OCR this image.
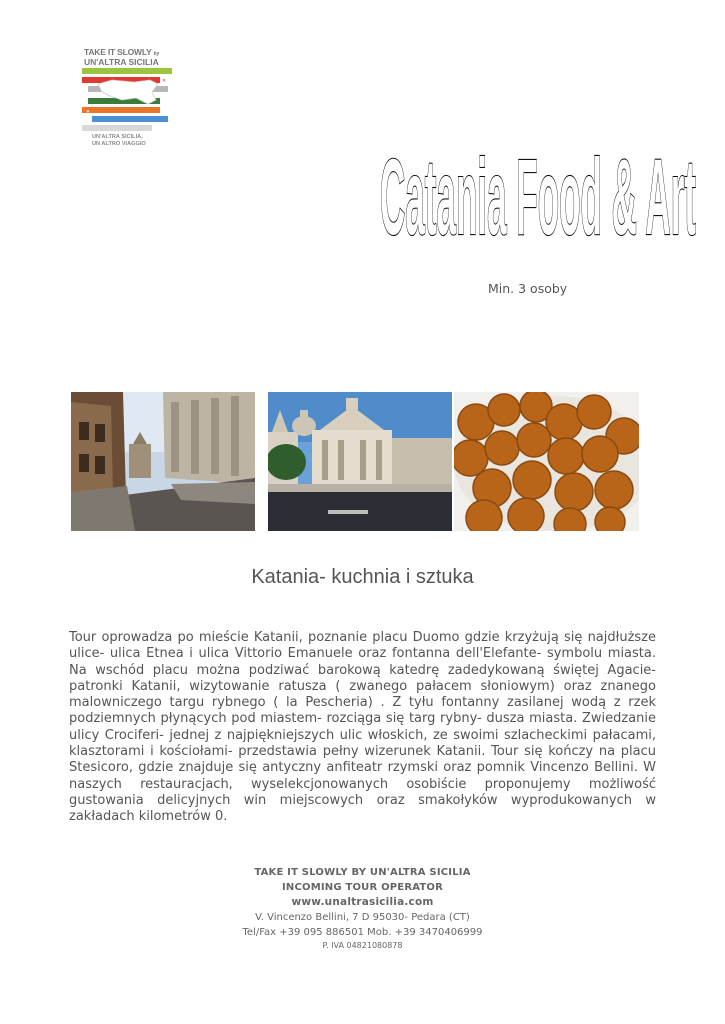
TAKE IT SLOWLY by
UN'ALTRA SICILIA
«
✕
UN'ALTRA SICILIA,
UN ALTRO VIAGGIO Catania Food & Art
Min. 3 osoby
Katania- kuchnia i sztuka

Tour oprowadza po mieście Katanii, poznanie placu Duomo gdzie krzyżują się najdłuższe ulice- ulica Etnea i ulica Vittorio Emanuele oraz fontanna dell'Elefante- symbolu miasta. Na wschód placu można podziwać barokową katedrę zadedykowaną świętej Agacie- patronki Katanii, wizytowanie ratusza ( zwanego pałacem słoniowym) oraz znanego malowniczego targu rybnego ( la Pescheria) . Z tyłu fontanny zasilanej wodą z rzek podziemnych płynących pod miastem- rozciąga się targ rybny- dusza miasta. Zwiedzanie ulicy Crociferi- jednej z najpiękniejszych ulic włoskich, ze swoimi szlacheckimi pałacami, klasztorami i kościołami- przedstawia pełny wizerunek Katanii. Tour się kończy na placu Stesicoro, gdzie znajduje się antyczny anfiteatr rzymski oraz pomnik Vincenzo Bellini. W naszych restauracjach, wyselekcjonowanych osobiście proponujemy możliwość gustowania delicyjnych win miejscowych oraz smakołyków wyprodukowanych w zakładach kilometrów 0.

TAKE IT SLOWLY BY UN'ALTRA SICILIA
INCOMING TOUR OPERATOR
www.unaltrasicilia.com
V. Vincenzo Bellini, 7 D 95030- Pedara (CT)
Tel/Fax +39 095 886501 Mob. +39 3470406999
P. IVA 04821080878
